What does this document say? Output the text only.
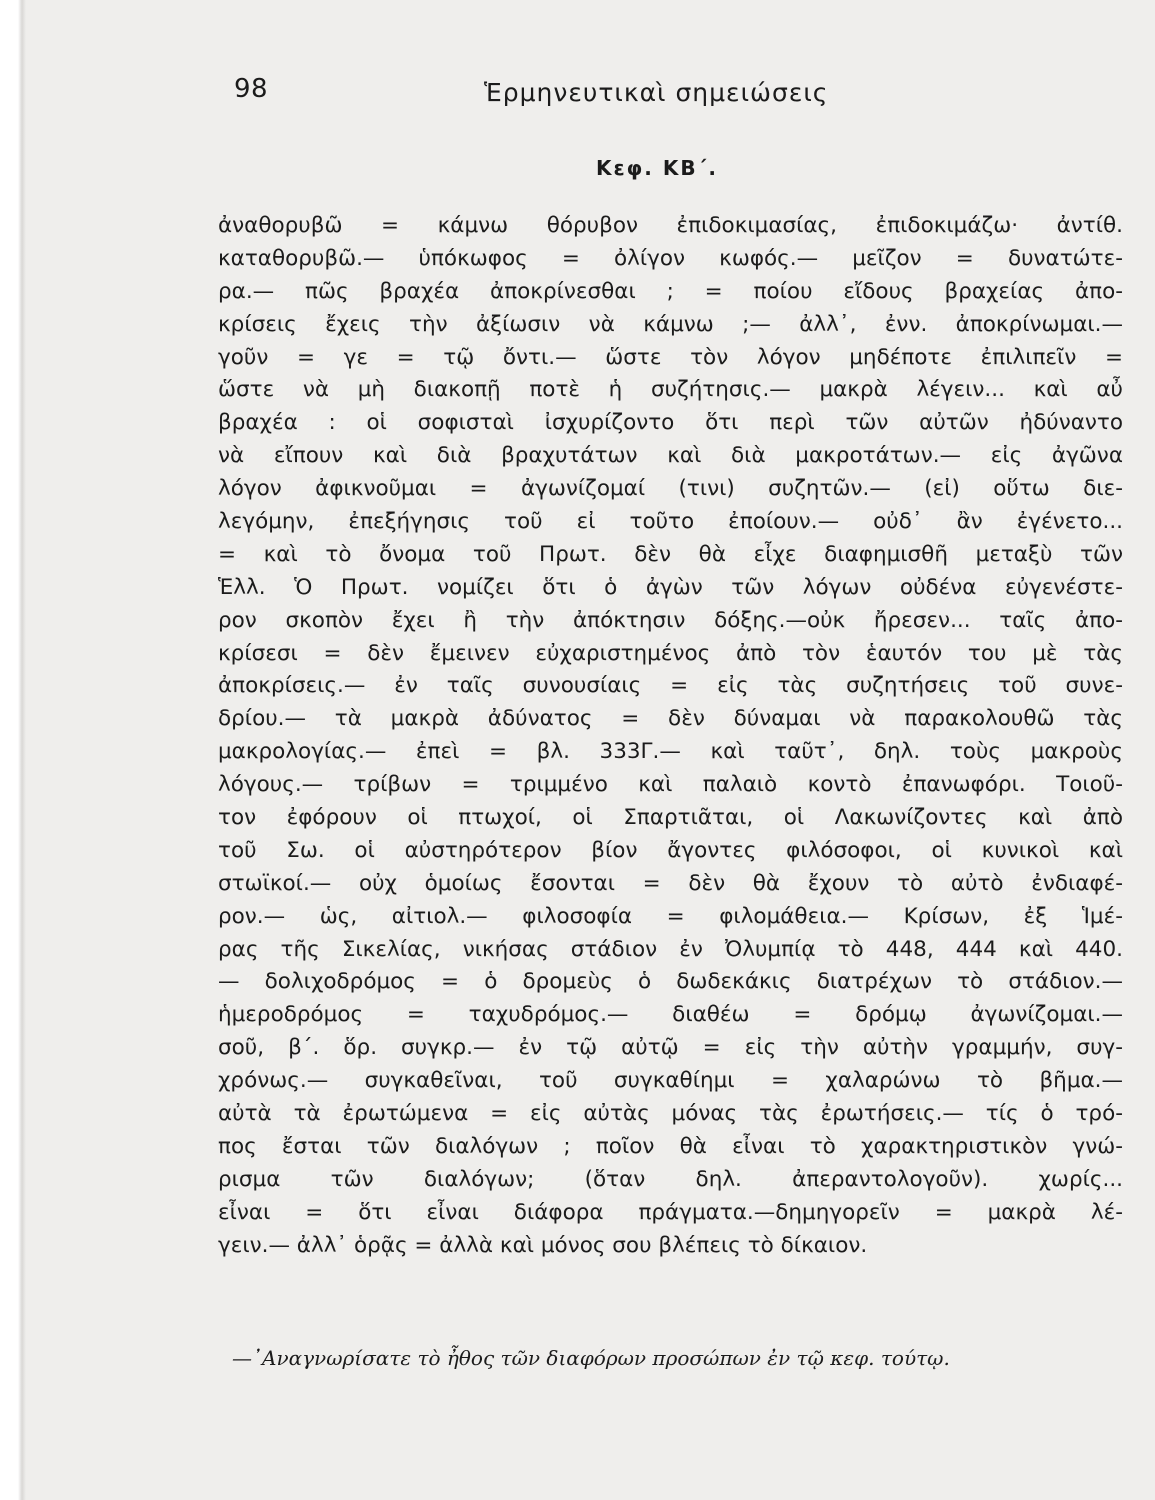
98	Ἑρμηνευτικαὶ σημειώσεις
Κεφ. ΚΒ΄.
ἀναθορυβῶ = κάμνω θόρυβον ἐπιδοκιμασίας, ἐπιδοκιμάζω· ἀντίθ.
καταθορυβῶ.— ὑπόκωφος = ὀλίγον κωφός.— μεῖζον = δυνατώτε-
ρα.— πῶς βραχέα ἀποκρίνεσθαι ; = ποίου εἴδους βραχείας ἀπο-
κρίσεις ἔχεις τὴν ἀξίωσιν νὰ κάμνω ;— ἀλλ᾽, ἐνν. ἀποκρίνωμαι.—
γοῦν = γε = τῷ ὄντι.— ὥστε τὸν λόγον μηδέποτε ἐπιλιπεῖν =
ὥστε νὰ μὴ διακοπῇ ποτὲ ἡ συζήτησις.— μακρὰ λέγειν... καὶ αὖ
βραχέα : οἱ σοφισταὶ ἰσχυρίζοντο ὅτι περὶ τῶν αὐτῶν ἠδύναντο
νὰ εἴπουν καὶ διὰ βραχυτάτων καὶ διὰ μακροτάτων.— εἰς ἀγῶνα
λόγον ἀφικνοῦμαι = ἀγωνίζομαί (τινι) συζητῶν.— (εἰ) οὕτω διε-
λεγόμην, ἐπεξήγησις τοῦ εἰ τοῦτο ἐποίουν.— οὐδ᾽ ἂν ἐγένετο...
= καὶ τὸ ὄνομα τοῦ Πρωτ. δὲν θὰ εἶχε διαφημισθῆ μεταξὺ τῶν
Ἑλλ. Ὁ Πρωτ. νομίζει ὅτι ὁ ἀγὼν τῶν λόγων οὐδένα εὐγενέστε-
ρον σκοπὸν ἔχει ἢ τὴν ἀπόκτησιν δόξης.—οὐκ ἤρεσεν... ταῖς ἀπο-
κρίσεσι = δὲν ἔμεινεν εὐχαριστημένος ἀπὸ τὸν ἑαυτόν του μὲ τὰς
ἀποκρίσεις.— ἐν ταῖς συνουσίαις = εἰς τὰς συζητήσεις τοῦ συνε-
δρίου.— τὰ μακρὰ ἀδύνατος = δὲν δύναμαι νὰ παρακολουθῶ τὰς
μακρολογίας.— ἐπεὶ = βλ. 333Γ.— καὶ ταῦτ᾽, δηλ. τοὺς μακροὺς
λόγους.— τρίβων = τριμμένο καὶ παλαιὸ κοντὸ ἐπανωφόρι. Τοιοῦ-
τον ἐφόρουν οἱ πτωχοί, οἱ Σπαρτιᾶται, οἱ Λακωνίζοντες καὶ ἀπὸ
τοῦ Σω. οἱ αὐστηρότερον βίον ἄγοντες φιλόσοφοι, οἱ κυνικοὶ καὶ
στωϊκοί.— οὐχ ὁμοίως ἔσονται = δὲν θὰ ἔχουν τὸ αὐτὸ ἐνδιαφέ-
ρον.— ὡς, αἰτιολ.— φιλοσοφία = φιλομάθεια.— Κρίσων, ἐξ Ἱμέ-
ρας τῆς Σικελίας, νικήσας στάδιον ἐν Ὀλυμπίᾳ τὸ 448, 444 καὶ 440.
— δολιχοδρόμος = ὁ δρομεὺς ὁ δωδεκάκις διατρέχων τὸ στάδιον.—
ἡμεροδρόμος = ταχυδρόμος.— διαθέω = δρόμῳ ἀγωνίζομαι.—
σοῦ, β΄. ὅρ. συγκρ.— ἐν τῷ αὐτῷ = εἰς τὴν αὐτὴν γραμμήν, συγ-
χρόνως.— συγκαθεῖναι, τοῦ συγκαθίημι = χαλαρώνω τὸ βῆμα.—
αὐτὰ τὰ ἐρωτώμενα = εἰς αὐτὰς μόνας τὰς ἐρωτήσεις.— τίς ὁ τρό-
πος ἔσται τῶν διαλόγων ; ποῖον θὰ εἶναι τὸ χαρακτηριστικὸν γνώ-
ρισμα τῶν διαλόγων; (ὅταν δηλ. ἀπεραντολογοῦν). χωρίς...
εἶναι = ὅτι εἶναι διάφορα πράγματα.—δημηγορεῖν = μακρὰ λέ-
γειν.— ἀλλ᾽ ὁρᾷς = ἀλλὰ καὶ μόνος σου βλέπεις τὸ δίκαιον.
—᾽Αναγνωρίσατε τὸ ἦθος τῶν διαφόρων προσώπων ἐν τῷ κεφ. τούτῳ.
